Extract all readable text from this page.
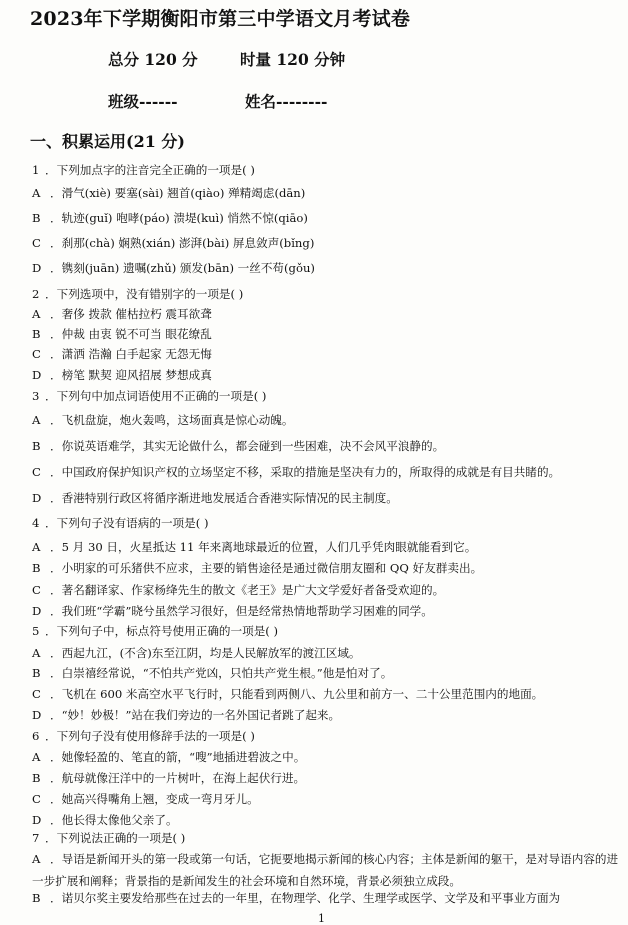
2023年下学期衡阳市第三中学语文月考试卷
总分 120 分	时量 120 分钟
班级------	姓名--------
一、积累运用(21 分)
1 ．下列加点字的注音完全正确的一项是( )
A ．滑气(xiè) 要塞(sài) 翘首(qiào) 殚精竭虑(dān)
B ．轨迹(guǐ) 咆哮(páo) 溃堤(kuì) 悄然不惊(qiāo)
C ．刹那(chà) 娴熟(xián) 澎湃(bài) 屏息敛声(bǐng)
D ．镌刻(juān) 遗嘱(zhǔ) 颁发(bān) 一丝不苟(gǒu)
2 ．下列选项中，没有错别字的一项是( )
A ．奢侈 拨款 催枯拉朽 震耳欲聋
B ．仲裁 由衷 锐不可当 眼花缭乱
C ．潇洒 浩瀚 白手起家 无怨无悔
D ．榜笔 默契 迎风招展 梦想成真
3 ．下列句中加点词语使用不正确的一项是( )
A ．飞机盘旋，炮火轰鸣，这场面真是惊心动魄。
B ．你说英语难学，其实无论做什么，都会碰到一些困难，决不会风平浪静的。
C ．中国政府保护知识产权的立场坚定不移，采取的措施是坚决有力的，所取得的成就是有目共睹的。
D ．香港特别行政区将循序渐进地发展适合香港实际情况的民主制度。
4 ．下列句子没有语病的一项是( )
A ．5 月 30 日，火星抵达 11 年来离地球最近的位置，人们几乎凭肉眼就能看到它。
B ．小明家的可乐猪供不应求，主要的销售途径是通过微信朋友圈和 QQ 好友群卖出。
C ．著名翻译家、作家杨绛先生的散文《老王》是广大文学爱好者备受欢迎的。
D ．我们班“学霸”晓兮虽然学习很好，但是经常热情地帮助学习困难的同学。
5 ．下列句子中，标点符号使用正确的一项是( )
A ．西起九江，(不含)东至江阴，均是人民解放军的渡江区域。
B ．白崇禧经常说，“不怕共产党凶，只怕共产党生根。”他是怕对了。
C ．飞机在 600 米高空水平飞行时，只能看到两侧八、九公里和前方一、二十公里范围内的地面。
D ．“妙！妙极！”站在我们旁边的一名外国记者跳了起来。
6 ．下列句子没有使用修辞手法的一项是( )
A ．她像轻盈的、笔直的箭，“嗖”地插进碧波之中。
B ．航母就像汪洋中的一片树叶，在海上起伏行进。
C ．她高兴得嘴角上翘，变成一弯月牙儿。
D ．他长得太像他父亲了。
7 ．下列说法正确的一项是( )
A ．导语是新闻开头的第一段或第一句话，它扼要地揭示新闻的核心内容；主体是新闻的躯干，是对导语内容的进一步扩展和阐释；背景指的是新闻发生的社会环境和自然环境，背景必须独立成段。
B ．诺贝尔奖主要发给那些在过去的一年里，在物理学、化学、生理学或医学、文学及和平事业方面为
1
